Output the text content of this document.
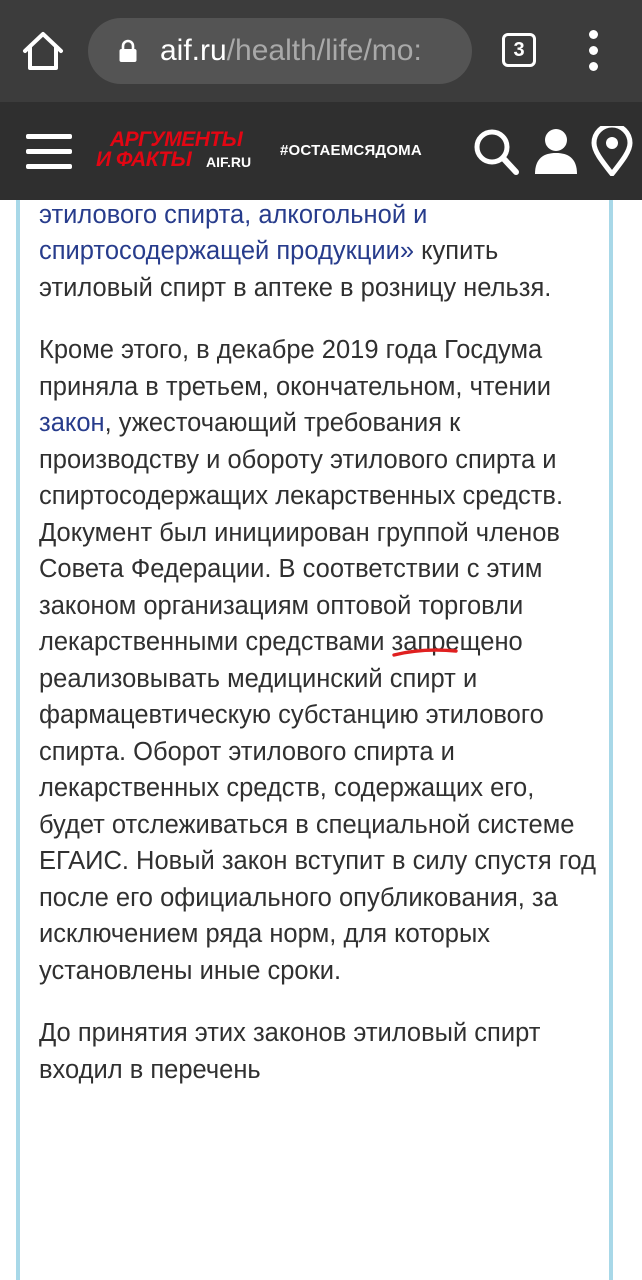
aif.ru/health/life/mo:	3
АРГУМЕНТЫ
И ФАКТЫ AIF.RU
#ОСТАЕМСЯДОМА

этилового спирта, алкогольной и спиртосодержащей продукции» купить этиловый спирт в аптеке в розницу нельзя.

Кроме этого, в декабре 2019 года Госдума приняла в третьем, окончательном, чтении закон, ужесточающий требования к производству и обороту этилового спирта и спиртосодержащих лекарственных средств. Документ был инициирован группой членов Совета Федерации. В соответствии с этим законом организациям оптовой торговли лекарственными средствами запрещено
реализовывать медицинский спирт и фармацевтическую субстанцию этилового спирта. Оборот этилового спирта и лекарственных средств, содержащих его, будет отслеживаться в специальной системе ЕГАИС. Новый закон вступит в силу спустя год после его официального опубликования, за исключением ряда норм, для которых установлены иные сроки.

До принятия этих законов этиловый спирт входил в перечень
